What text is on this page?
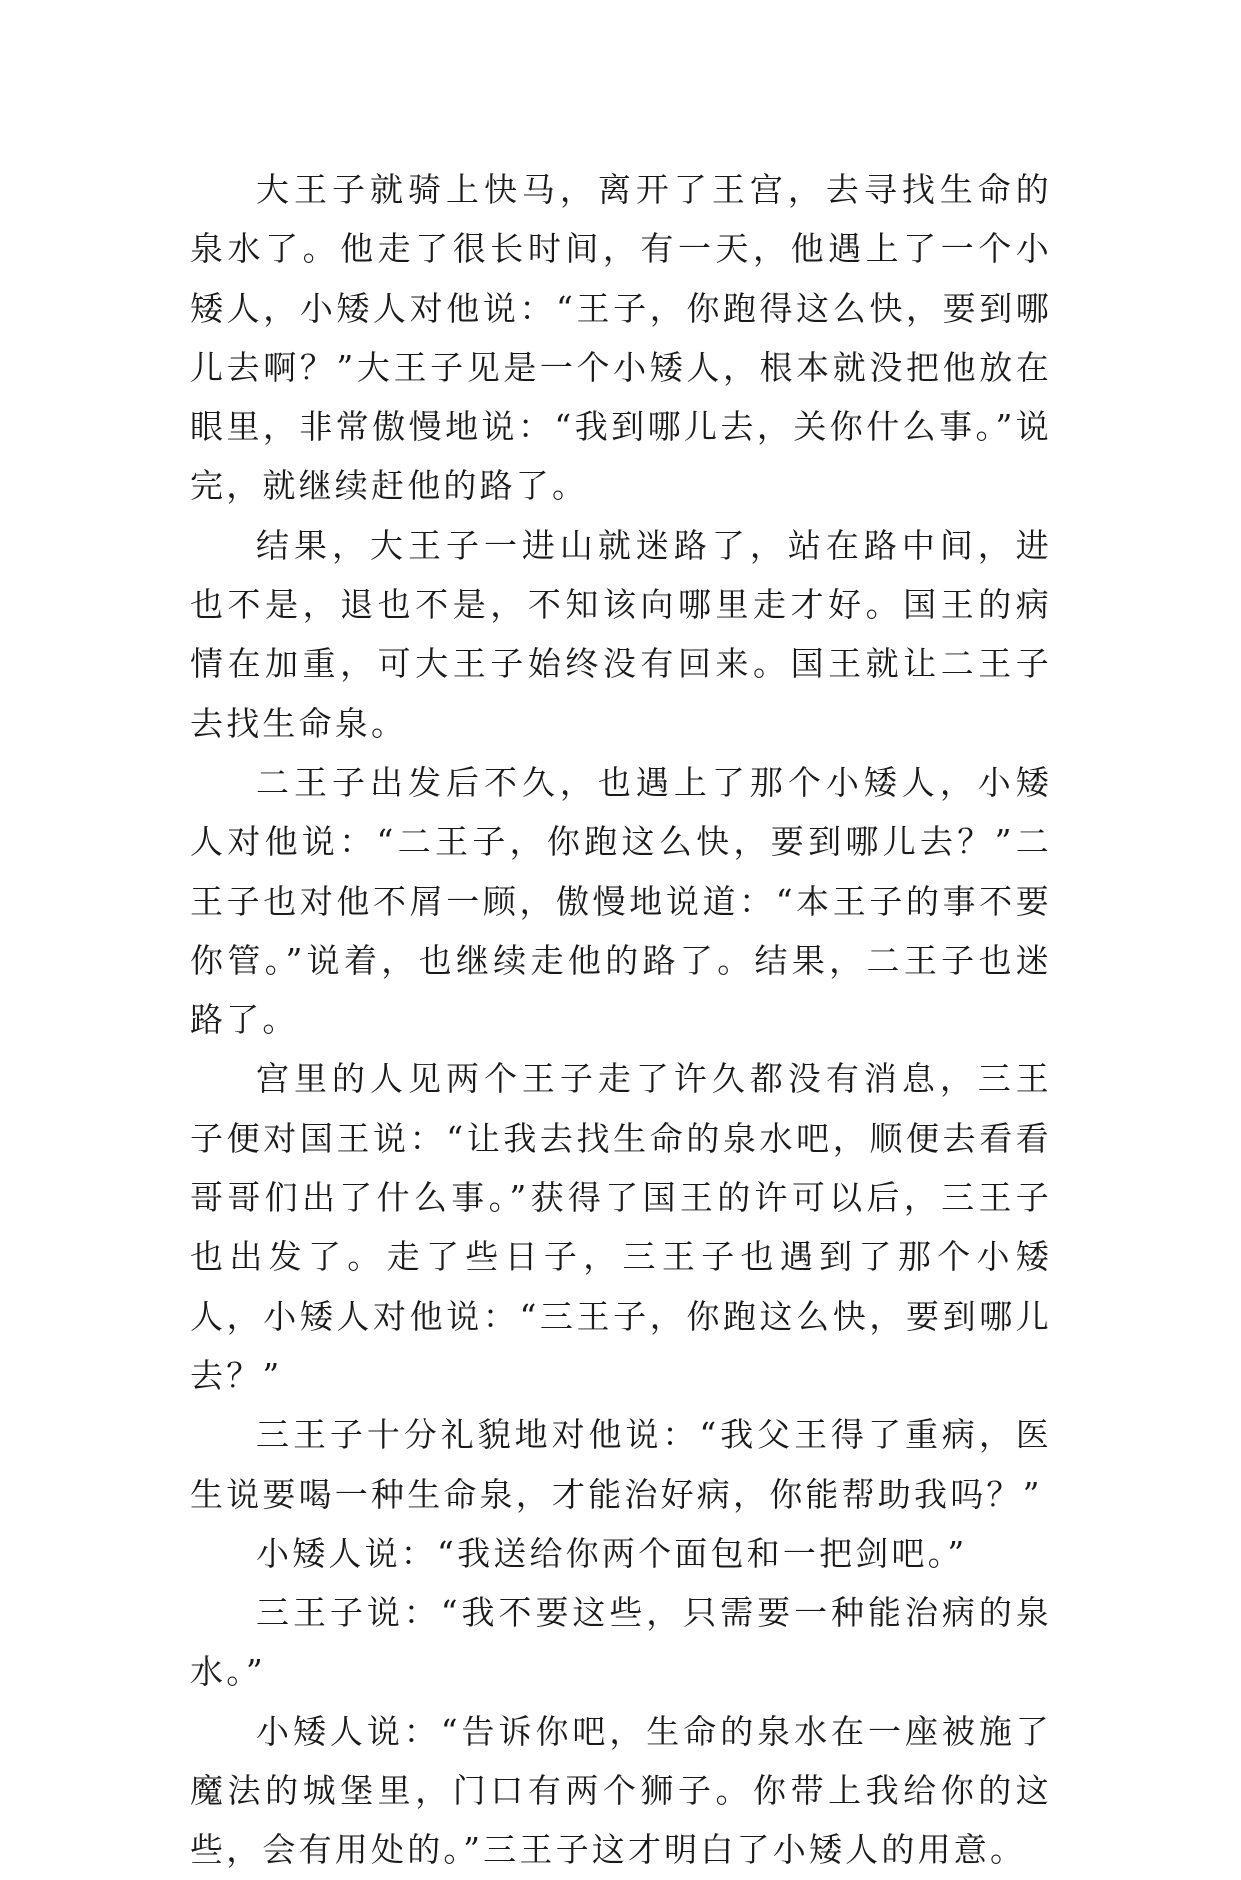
大王子就骑上快马，离开了王宫，去寻找生命的泉水了。他走了很长时间，有一天，他遇上了一个小矮人，小矮人对他说：“王子，你跑得这么快，要到哪儿去啊？”大王子见是一个小矮人，根本就没把他放在眼里，非常傲慢地说：“我到哪儿去，关你什么事。”说完，就继续赶他的路了。

结果，大王子一进山就迷路了，站在路中间，进也不是，退也不是，不知该向哪里走才好。国王的病情在加重，可大王子始终没有回来。国王就让二王子去找生命泉。

二王子出发后不久，也遇上了那个小矮人，小矮人对他说：“二王子，你跑这么快，要到哪儿去？”二王子也对他不屑一顾，傲慢地说道：“本王子的事不要你管。”说着，也继续走他的路了。结果，二王子也迷路了。

宫里的人见两个王子走了许久都没有消息，三王子便对国王说：“让我去找生命的泉水吧，顺便去看看哥哥们出了什么事。”获得了国王的许可以后，三王子也出发了。走了些日子，三王子也遇到了那个小矮人，小矮人对他说：“三王子，你跑这么快，要到哪儿去？”

三王子十分礼貌地对他说：“我父王得了重病，医生说要喝一种生命泉，才能治好病，你能帮助我吗？”

小矮人说：“我送给你两个面包和一把剑吧。”

三王子说：“我不要这些，只需要一种能治病的泉水。”

小矮人说：“告诉你吧，生命的泉水在一座被施了魔法的城堡里，门口有两个狮子。你带上我给你的这些，会有用处的。”三王子这才明白了小矮人的用意。
